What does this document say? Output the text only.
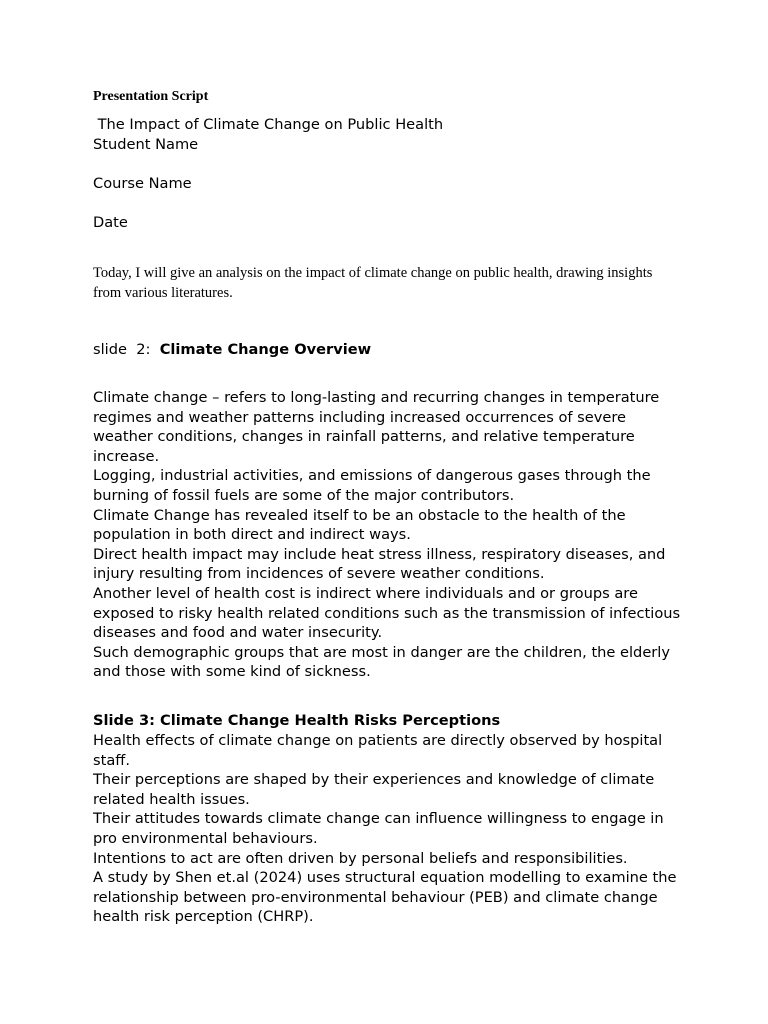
Presentation Script
The Impact of Climate Change on Public Health
Student Name
Course Name
Date
Today, I will give an analysis on the impact of climate change on public health, drawing insights from various literatures.
slide  2:  Climate Change Overview

Climate change – refers to long-lasting and recurring changes in temperature regimes and weather patterns including increased occurrences of severe weather conditions, changes in rainfall patterns, and relative temperature increase.

Logging, industrial activities, and emissions of dangerous gases through the burning of fossil fuels are some of the major contributors.

Climate Change has revealed itself to be an obstacle to the health of the population in both direct and indirect ways.

Direct health impact may include heat stress illness, respiratory diseases, and injury resulting from incidences of severe weather conditions.

Another level of health cost is indirect where individuals and or groups are exposed to risky health related conditions such as the transmission of infectious diseases and food and water insecurity.

Such demographic groups that are most in danger are the children, the elderly and those with some kind of sickness.

Slide 3: Climate Change Health Risks Perceptions

Health effects of climate change on patients are directly observed by hospital staff.

Their perceptions are shaped by their experiences and knowledge of climate related health issues.

Their attitudes towards climate change can influence willingness to engage in pro environmental behaviours.

Intentions to act are often driven by personal beliefs and responsibilities.

A study by Shen et.al (2024) uses structural equation modelling to examine the relationship between pro-environmental behaviour (PEB) and climate change health risk perception (CHRP).
